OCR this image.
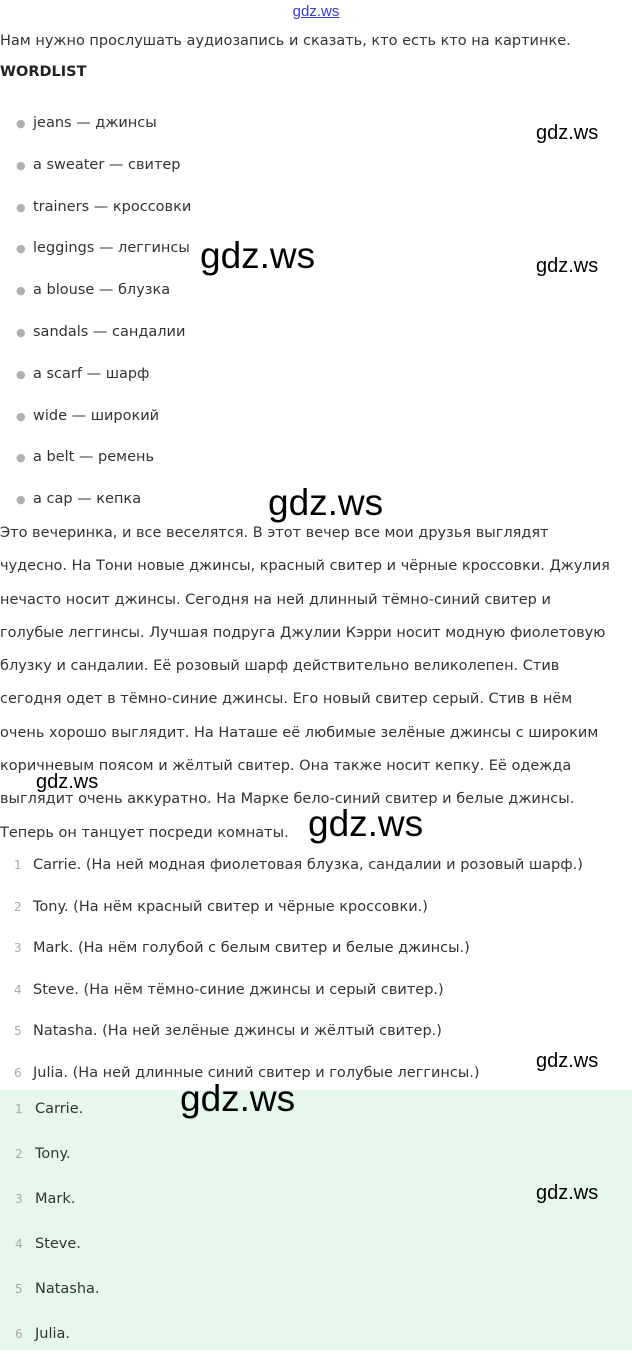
gdz.ws
Нам нужно прослушать аудиозапись и сказать, кто есть кто на картинке.
WORDLIST
● jeans — джинсы
● a sweater — свитер
● trainers — кроссовки
● leggings — леггинсы
● a blouse — блузка
● sandals — сандалии
● a scarf — шарф
● wide — широкий
● a belt — ремень
● a cap — кепка

Это вечеринка, и все веселятся. В этот вечер все мои друзья выглядят
чудесно. На Тони новые джинсы, красный свитер и чёрные кроссовки. Джулия
нечасто носит джинсы. Сегодня на ней длинный тёмно-синий свитер и
голубые леггинсы. Лучшая подруга Джулии Кэрри носит модную фиолетовую
блузку и сандалии. Её розовый шарф действительно великолепен. Стив
сегодня одет в тёмно-синие джинсы. Его новый свитер серый. Стив в нём
очень хорошо выглядит. На Наташе её любимые зелёные джинсы с широким
коричневым поясом и жёлтый свитер. Она также носит кепку. Её одежда
выглядит очень аккуратно. На Марке бело-синий свитер и белые джинсы.
Теперь он танцует посреди комнаты.

1 Carrie. (На ней модная фиолетовая блузка, сандалии и розовый шарф.)
2 Tony. (На нём красный свитер и чёрные кроссовки.)
3 Mark. (На нём голубой с белым свитер и белые джинсы.)
4 Steve. (На нём тёмно-синие джинсы и серый свитер.)
5 Natasha. (На ней зелёные джинсы и жёлтый свитер.)
6 Julia. (На ней длинные синий свитер и голубые леггинсы.)
1 Carrie.
2 Tony.
3 Mark.
4 Steve.
5 Natasha.
6 Julia.
gdz.ws
gdz.ws	gdz.ws
gdz.ws
gdz.ws
gdz.ws
gdz.ws
gdz.ws
gdz.ws
